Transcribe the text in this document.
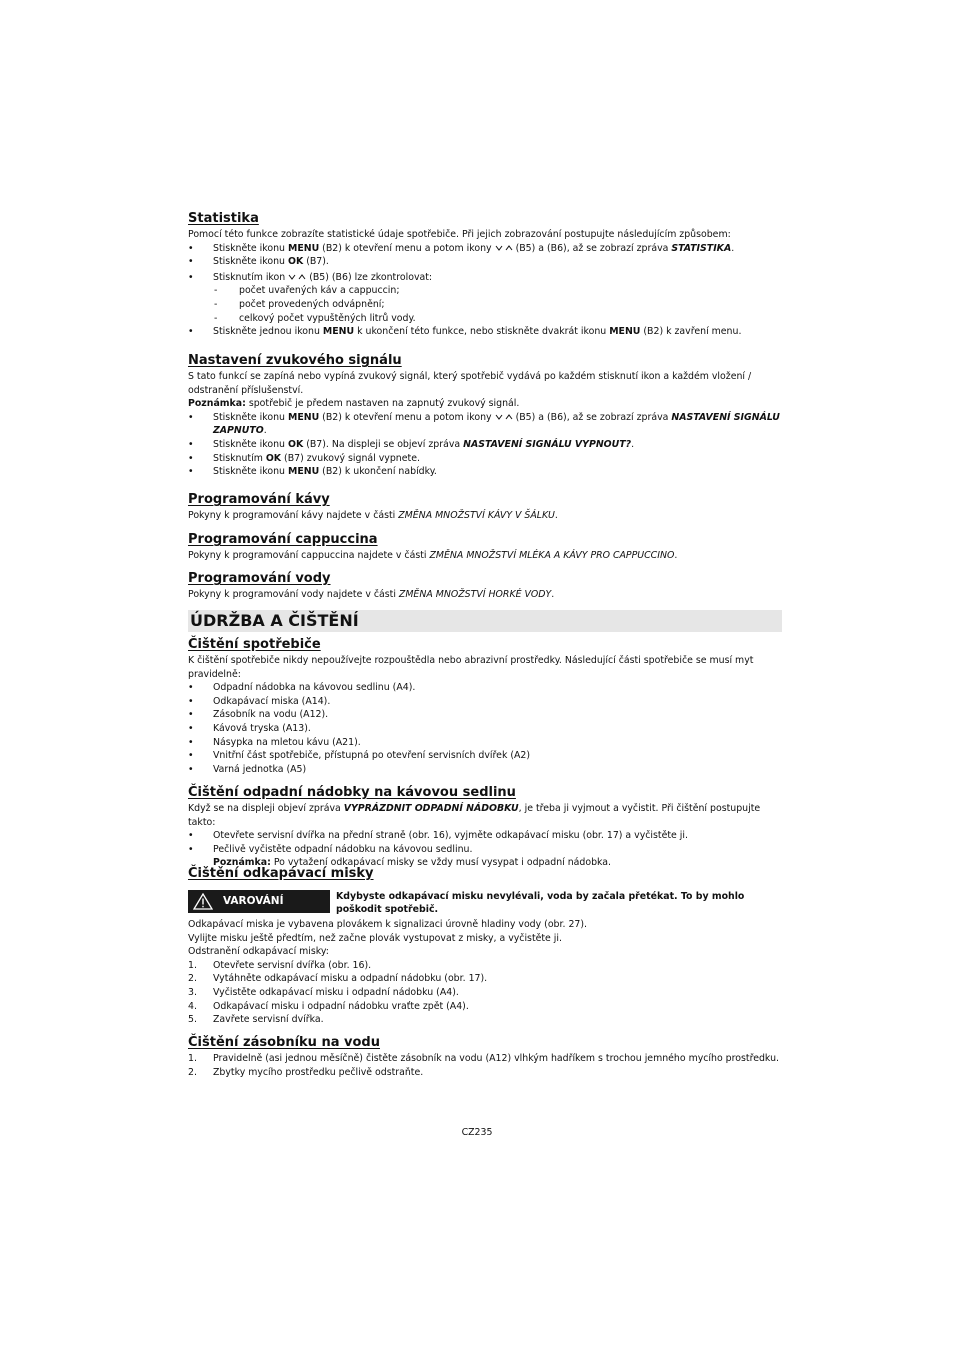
Statistika

Pomocí této funkce zobrazíte statistické údaje spotřebiče. Při jejich zobrazování postupujte následujícím způsobem:

• Stiskněte ikonu MENU (B2) k otevření menu a potom ikony	(B5) a (B6), až se zobrazí zpráva STATISTIKA.
• Stiskněte ikonu OK (B7).
• Stisknutím ikon	(B5) (B6) lze zkontrolovat:
- počet uvařených káv a cappuccin;
- počet provedených odvápnění;
- celkový počet vypuštěných litrů vody.
• Stiskněte jednou ikonu MENU k ukončení této funkce, nebo stiskněte dvakrát ikonu MENU (B2) k zavření menu.
Nastavení zvukového signálu

S tato funkcí se zapíná nebo vypíná zvukový signál, který spotřebič vydává po každém stisknutí ikon a každém vložení / odstranění příslušenství.

Poznámka: spotřebič je předem nastaven na zapnutý zvukový signál.

• Stiskněte ikonu MENU (B2) k otevření menu a potom ikony	(B5) a (B6), až se zobrazí zpráva NASTAVENÍ SIGNÁLU ZAPNUTO.
• Stiskněte ikonu OK (B7). Na displeji se objeví zpráva NASTAVENÍ SIGNÁLU VYPNOUT?.
• Stisknutím OK (B7) zvukový signál vypnete.
• Stiskněte ikonu MENU (B2) k ukončení nabídky.
Programování kávy

Pokyny k programování kávy najdete v části ZMĚNA MNOŽSTVÍ KÁVY V ŠÁLKU.

Programování cappuccina

Pokyny k programování cappuccina najdete v části ZMĚNA MNOŽSTVÍ MLÉKA A KÁVY PRO CAPPUCCINO.

Programování vody

Pokyny k programování vody najdete v části ZMĚNA MNOŽSTVÍ HORKÉ VODY.

ÚDRŽBA A ČIŠTĚNÍ
Čištění spotřebiče

K čištění spotřebiče nikdy nepoužívejte rozpouštědla nebo abrazivní prostředky. Následující části spotřebiče se musí myt pravidelně:

• Odpadní nádobka na kávovou sedlinu (A4).
• Odkapávací miska (A14).
• Zásobník na vodu (A12).
• Kávová tryska (A13).
• Násypka na mletou kávu (A21).
• Vnitřní část spotřebiče, přístupná po otevření servisních dvířek (A2)
• Varná jednotka (A5)
Čištění odpadní nádobky na kávovou sedlinu

Když se na displeji objeví zpráva VYPRÁZDNIT ODPADNÍ NÁDOBKU, je třeba ji vyjmout a vyčistit. Při čištění postupujte takto:

• Otevřete servisní dvířka na přední straně (obr. 16), vyjměte odkapávací misku (obr. 17) a vyčistěte ji.
• Pečlivě vyčistěte odpadní nádobku na kávovou sedlinu.

Poznámka: Po vytažení odkapávací misky se vždy musí vysypat i odpadní nádobka.

Čištění odkapávací misky
VAROVÁNÍ	Kdybyste odkapávací misku nevylévali, voda by začala přetékat. To by mohlo poškodit spotřebič.

Odkapávací miska je vybavena plovákem k signalizaci úrovně hladiny vody (obr. 27).

Vylijte misku ještě předtím, než začne plovák vystupovat z misky, a vyčistěte ji.

Odstranění odkapávací misky:

1. Otevřete servisní dvířka (obr. 16).
2. Vytáhněte odkapávací misku a odpadní nádobku (obr. 17).
3. Vyčistěte odkapávací misku i odpadní nádobku (A4).
4. Odkapávací misku i odpadní nádobku vraťte zpět (A4).
5. Zavřete servisní dvířka.
Čištění zásobníku na vodu
1. Pravidelně (asi jednou měsíčně) čistěte zásobník na vodu (A12) vlhkým hadříkem s trochou jemného mycího prostředku.
2. Zbytky mycího prostředku pečlivě odstraňte.
CZ235
